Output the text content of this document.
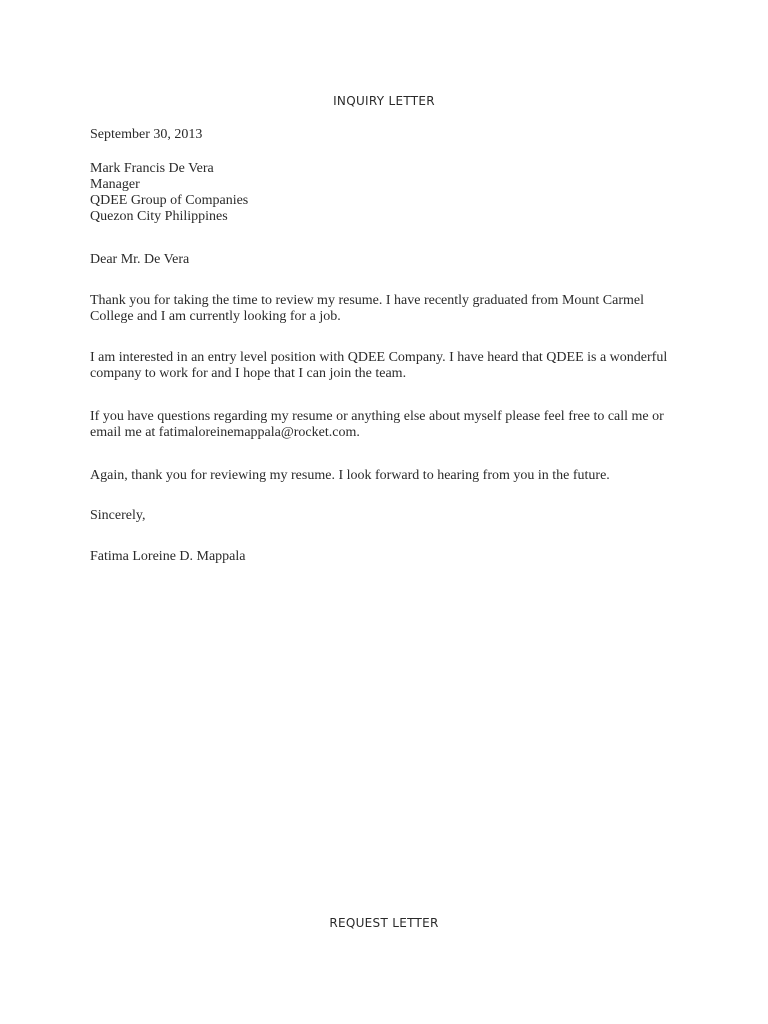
INQUIRY LETTER
September 30, 2013
Mark Francis De Vera
Manager
QDEE Group of Companies
Quezon City Philippines
Dear Mr. De Vera
Thank you for taking the time to review my resume. I have recently graduated from Mount Carmel College and I am currently looking for a job.
I am interested in an entry level position with QDEE Company. I have heard that QDEE is a wonderful company to work for and I hope that I can join the team.
If you have questions regarding my resume or anything else about myself please feel free to call me or email me at fatimaloreinemappala@rocket.com.
Again, thank you for reviewing my resume. I look forward to hearing from you in the future.
Sincerely,
Fatima Loreine D. Mappala
REQUEST LETTER
